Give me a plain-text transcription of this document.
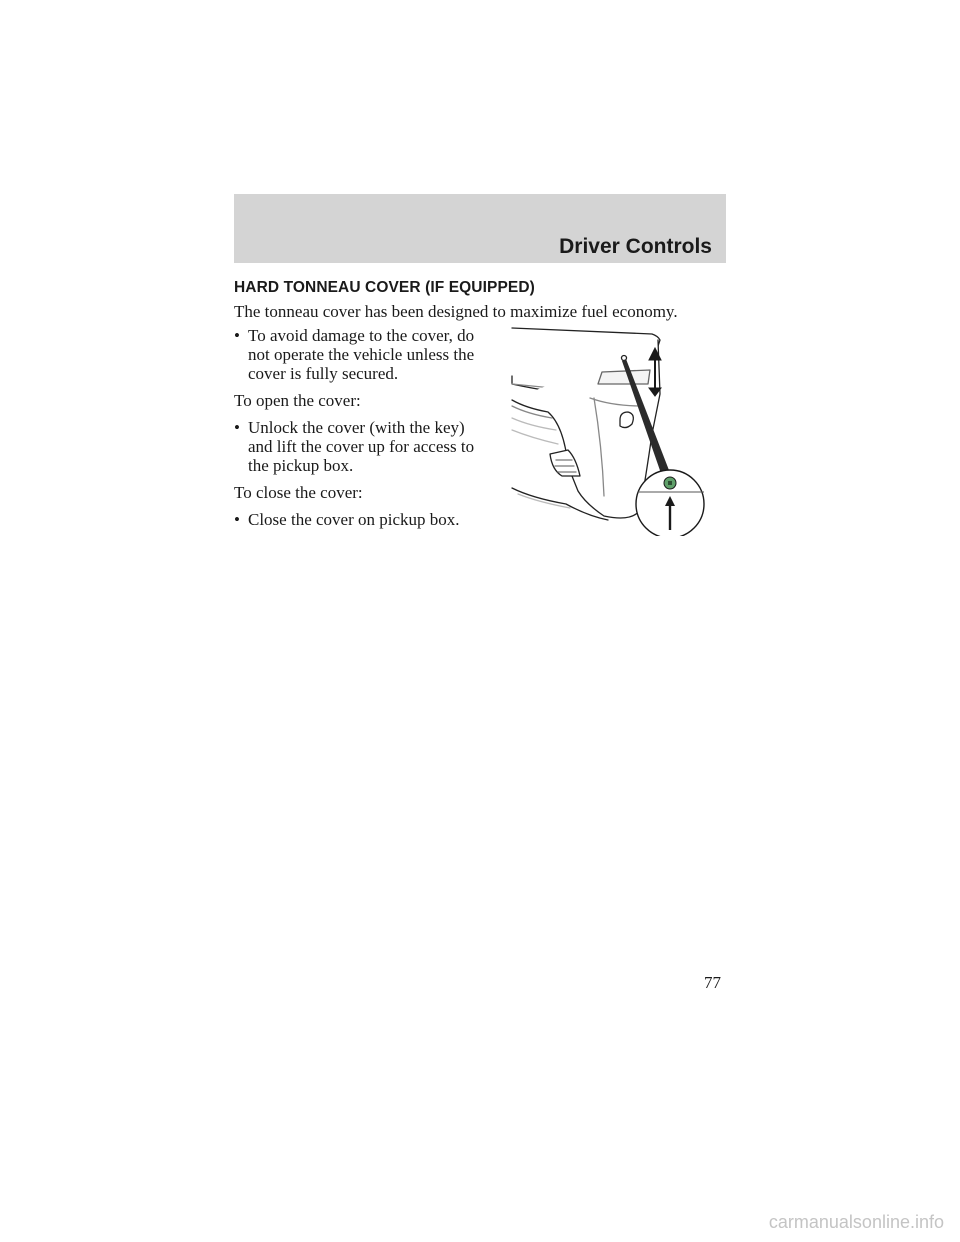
Driver Controls
HARD TONNEAU COVER (IF EQUIPPED)
The tonneau cover has been designed to maximize fuel economy.
• To avoid damage to the cover, do not operate the vehicle unless the cover is fully secured.

To open the cover:

• Unlock the cover (with the key) and lift the cover up for access to the pickup box.

To close the cover:

• Close the cover on pickup box.
77
carmanualsonline.info
